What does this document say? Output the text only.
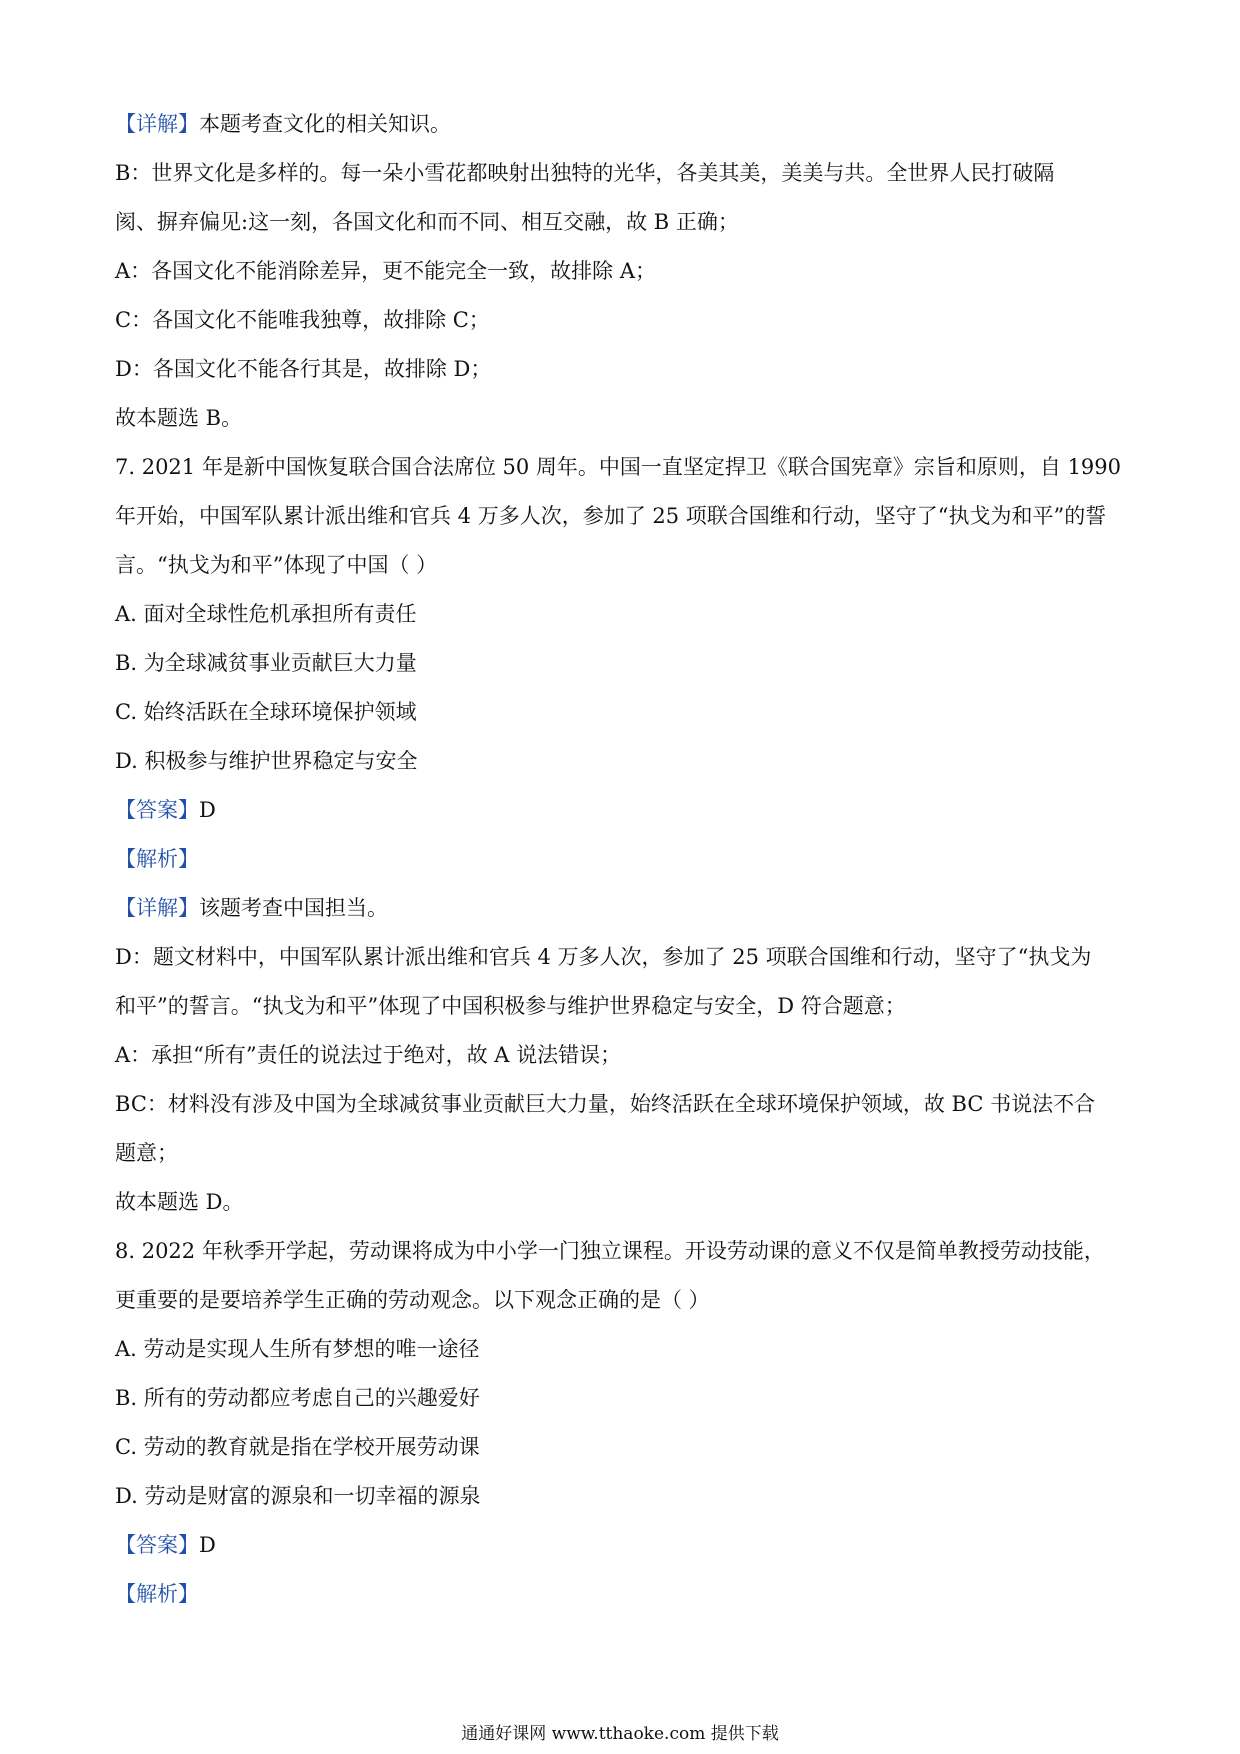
【详解】本题考查文化的相关知识。
B：世界文化是多样的。每一朵小雪花都映射出独特的光华，各美其美，美美与共。全世界人民打破隔
阂、摒弃偏见:这一刻，各国文化和而不同、相互交融，故 B 正确；
A：各国文化不能消除差异，更不能完全一致，故排除 A；
C：各国文化不能唯我独尊，故排除 C；
D：各国文化不能各行其是，故排除 D；
故本题选 B。
7. 2021 年是新中国恢复联合国合法席位 50 周年。中国一直坚定捍卫《联合国宪章》宗旨和原则，自 1990
年开始，中国军队累计派出维和官兵 4 万多人次，参加了 25 项联合国维和行动，坚守了“执戈为和平”的誓
言。“执戈为和平”体现了中国（ ）
A. 面对全球性危机承担所有责任
B. 为全球减贫事业贡献巨大力量
C. 始终活跃在全球环境保护领域
D. 积极参与维护世界稳定与安全
【答案】D
【解析】
【详解】该题考查中国担当。
D：题文材料中，中国军队累计派出维和官兵 4 万多人次，参加了 25 项联合国维和行动，坚守了“执戈为
和平”的誓言。“执戈为和平”体现了中国积极参与维护世界稳定与安全，D 符合题意；
A：承担“所有”责任的说法过于绝对，故 A 说法错误；
BC：材料没有涉及中国为全球减贫事业贡献巨大力量，始终活跃在全球环境保护领域，故 BC 书说法不合
题意；
故本题选 D。
8. 2022 年秋季开学起，劳动课将成为中小学一门独立课程。开设劳动课的意义不仅是简单教授劳动技能，
更重要的是要培养学生正确的劳动观念。以下观念正确的是（ ）
A. 劳动是实现人生所有梦想的唯一途径
B. 所有的劳动都应考虑自己的兴趣爱好
C. 劳动的教育就是指在学校开展劳动课
D. 劳动是财富的源泉和一切幸福的源泉
【答案】D
【解析】
通通好课网 www.tthaoke.com 提供下载
